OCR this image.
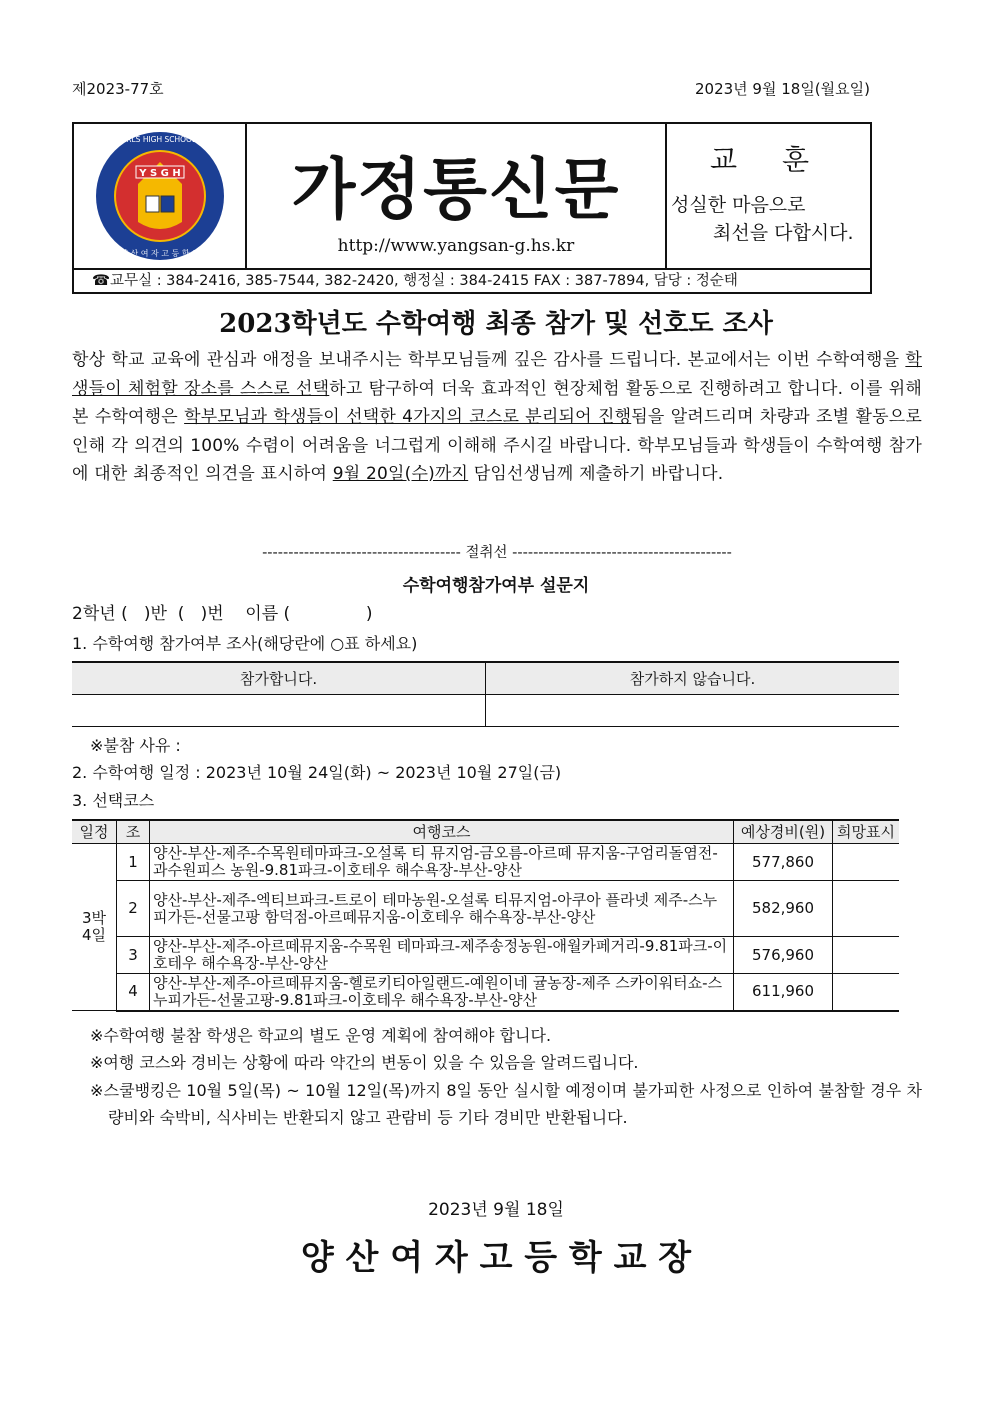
제2023-77호	2023년 9월 18일(월요일)
Y S G H
YANGSAN GIRLS HIGH SCHOOL Since 1972
양 산 여 자 고 등 학 교
가정통신문
http://www.yangsan-g.hs.kr
교 훈
성실한 마음으로
최선을 다합시다.
☎교무실 : 384-2416, 385-7544, 382-2420, 행정실 : 384-2415 FAX : 387-7894, 담당 : 정순태
2023학년도 수학여행 최종 참가 및 선호도 조사
항상 학교 교육에 관심과 애정을 보내주시는 학부모님들께 깊은 감사를 드립니다. 본교에서는 이번 수학여행을 학생들이 체험할 장소를 스스로 선택하고 탐구하여 더욱 효과적인 현장체험 활동으로 진행하려고 합니다. 이를 위해 본 수학여행은 학부모님과 학생들이 선택한 4가지의 코스로 분리되어 진행됨을 알려드리며 차량과 조별 활동으로 인해 각 의견의 100% 수렴이 어려움을 너그럽게 이해해 주시길 바랍니다. 학부모님들과 학생들이 수학여행 참가에 대한 최종적인 의견을 표시하여 9월 20일(수)까지 담임선생님께 제출하기 바랍니다.
-------------------------------------- 절취선 ------------------------------------------
수학여행참가여부 설문지
2학년 (   )반  (   )번    이름 (              )
1. 수학여행 참가여부 조사(해당란에 ○표 하세요)
참가합니다.	참가하지 않습니다.

※불참 사유 :
2. 수학여행 일정 : 2023년 10월 24일(화) ~ 2023년 10월 27일(금)
3. 선택코스
일정	조	여행코스	예상경비(원)	희망표시
3박
4일	1	양산-부산-제주-수목원테마파크-오설록 티 뮤지엄-금오름-아르떼 뮤지움-구엄리돌염전-과수원피스 농원-9.81파크-이호테우 해수욕장-부산-양산	577,860	
	2	양산-부산-제주-엑티브파크-트로이 테마농원-오설록 티뮤지엄-아쿠아 플라넷 제주-스누피가든-선물고팡 함덕점-아르떼뮤지움-이호테우 해수욕장-부산-양산	582,960	
	3	양산-부산-제주-아르떼뮤지움-수목원 테마파크-제주송정농원-애월카페거리-9.81파크-이호테우 해수욕장-부산-양산	576,960	
	4	양산-부산-제주-아르떼뮤지움-헬로키티아일랜드-예원이네 귤농장-제주 스카이워터쇼-스누피가든-선물고팡-9.81파크-이호테우 해수욕장-부산-양산	611,960	
※수학여행 불참 학생은 학교의 별도 운영 계획에 참여해야 합니다.
※여행 코스와 경비는 상황에 따라 약간의 변동이 있을 수 있음을 알려드립니다.
※스쿨뱅킹은 10월 5일(목) ~ 10월 12일(목)까지 8일 동안 실시할 예정이며 불가피한 사정으로 인하여 불참할 경우 차량비와 숙박비, 식사비는 반환되지 않고 관람비 등 기타 경비만 반환됩니다.
2023년 9월 18일
양 산 여 자 고 등 학 교 장
